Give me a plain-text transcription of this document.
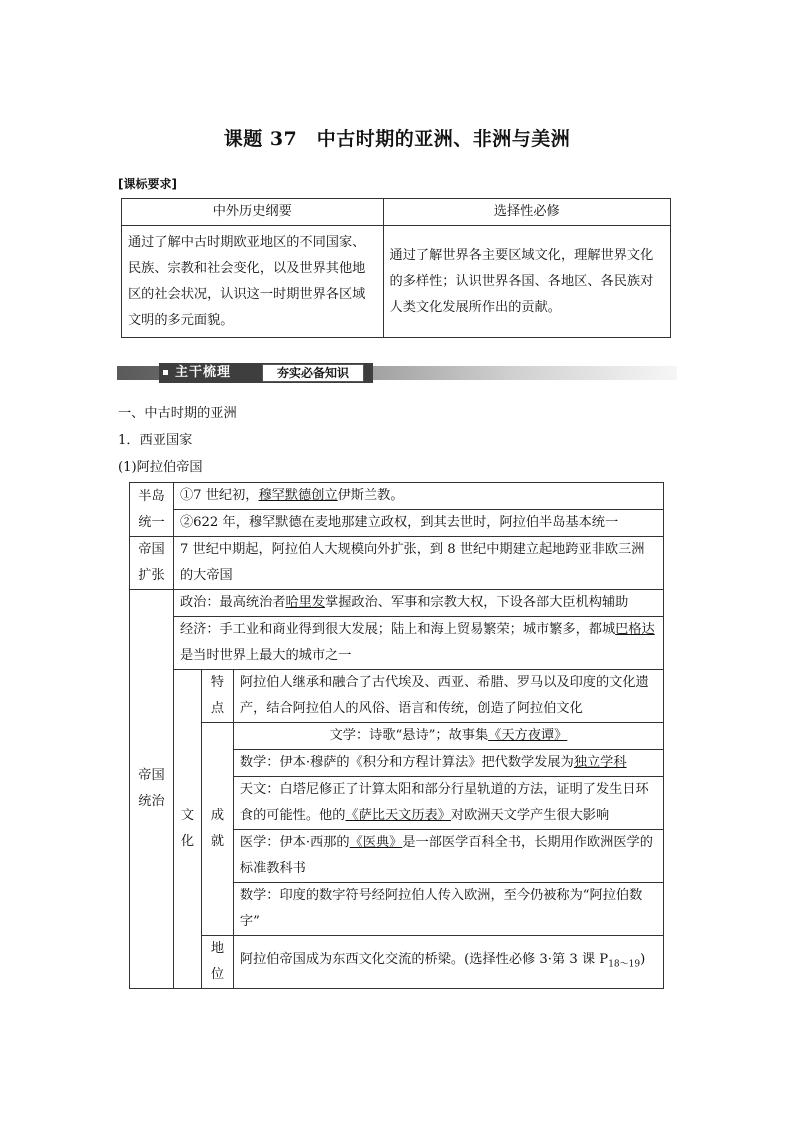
课题 37　中古时期的亚洲、非洲与美洲
[课标要求]
中外历史纲要	选择性必修
通过了解中古时期欧亚地区的不同国家、民族、宗教和社会变化，以及世界其他地区的社会状况，认识这一时期世界各区域文明的多元面貌。	通过了解世界各主要区域文化，理解世界文化的多样性；认识世界各国、各地区、各民族对人类文化发展所作出的贡献。
主干梳理	夯实必备知识
一、中古时期的亚洲
1．西亚国家
(1)阿拉伯帝国
半岛统一	①7 世纪初，穆罕默德创立伊斯兰教。		
	②622 年，穆罕默德在麦地那建立政权，到其去世时，阿拉伯半岛基本统一		
帝国扩张	7 世纪中期起，阿拉伯人大规模向外扩张，到 8 世纪中期建立起地跨亚非欧三洲的大帝国		
帝国统治	政治：最高统治者哈里发掌握政治、军事和宗教大权，下设各部大臣机构辅助		
	经济：手工业和商业得到很大发展；陆上和海上贸易繁荣；城市繁多，都城巴格达是当时世界上最大的城市之一		
	文化	特点	阿拉伯人继承和融合了古代埃及、西亚、希腊、罗马以及印度的文化遗产，结合阿拉伯人的风俗、语言和传统，创造了阿拉伯文化
		成就	文学：诗歌“悬诗”；故事集《天方夜谭》
			数学：伊本·穆萨的《积分和方程计算法》把代数学发展为独立学科
			天文：白塔尼修正了计算太阳和部分行星轨道的方法，证明了发生日环食的可能性。他的《萨比天文历表》对欧洲天文学产生很大影响
			医学：伊本·西那的《医典》是一部医学百科全书，长期用作欧洲医学的标准教科书
			数学：印度的数字符号经阿拉伯人传入欧洲，至今仍被称为“阿拉伯数字”
		地位	阿拉伯帝国成为东西文化交流的桥梁。(选择性必修 3·第 3 课 $P_{18\sim 19}$)
